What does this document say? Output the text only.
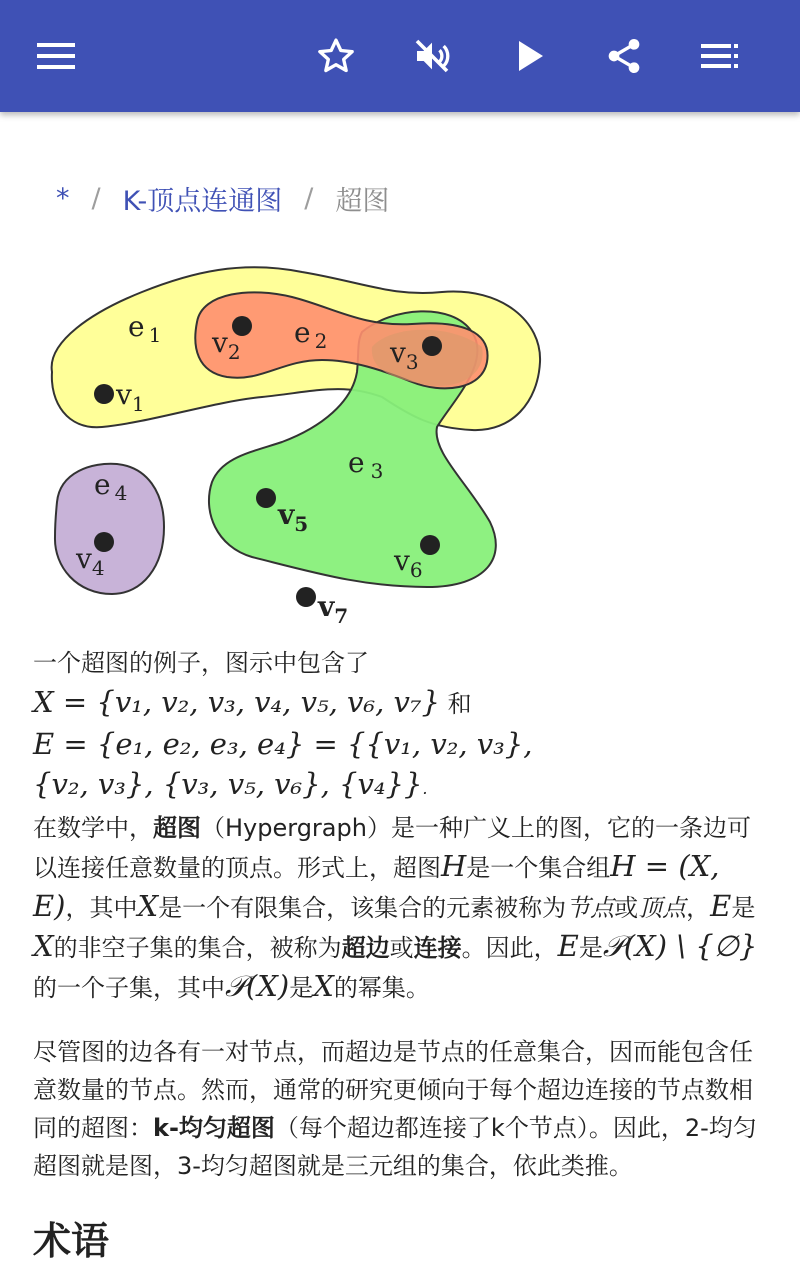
* / K-顶点连通图 / 超图
e $_1$	e $_2$
e $_3$
e $_4$
$v_1$
$v_2$	$v_3$
$v_4$
$v_5$
$v_6$
$v_7$

一个超图的例子，图示中包含了

X = {v₁, v₂, v₃, v₄, v₅, v₆, v₇} 和

E = {e₁, e₂, e₃, e₄} = {{v₁, v₂, v₃},

{v₂, v₃}, {v₃, v₅, v₆}, {v₄}}.

在数学中，超图（Hypergraph）是一种广义上的图，它的一条边可以连接任意数量的顶点。形式上，超图H是一个集合组H = (X, E)，其中X是一个有限集合，该集合的元素被称为节点或顶点，E是X的非空子集的集合，被称为超边或连接。因此，E是𝒫(X) \ {∅}的一个子集，其中𝒫(X)是X的幂集。

尽管图的边各有一对节点，而超边是节点的任意集合，因而能包含任意数量的节点。然而，通常的研究更倾向于每个超边连接的节点数相同的超图：k-均匀超图（每个超边都连接了k个节点）。因此，2-均匀超图就是图，3-均匀超图就是三元组的集合，依此类推。

术语
